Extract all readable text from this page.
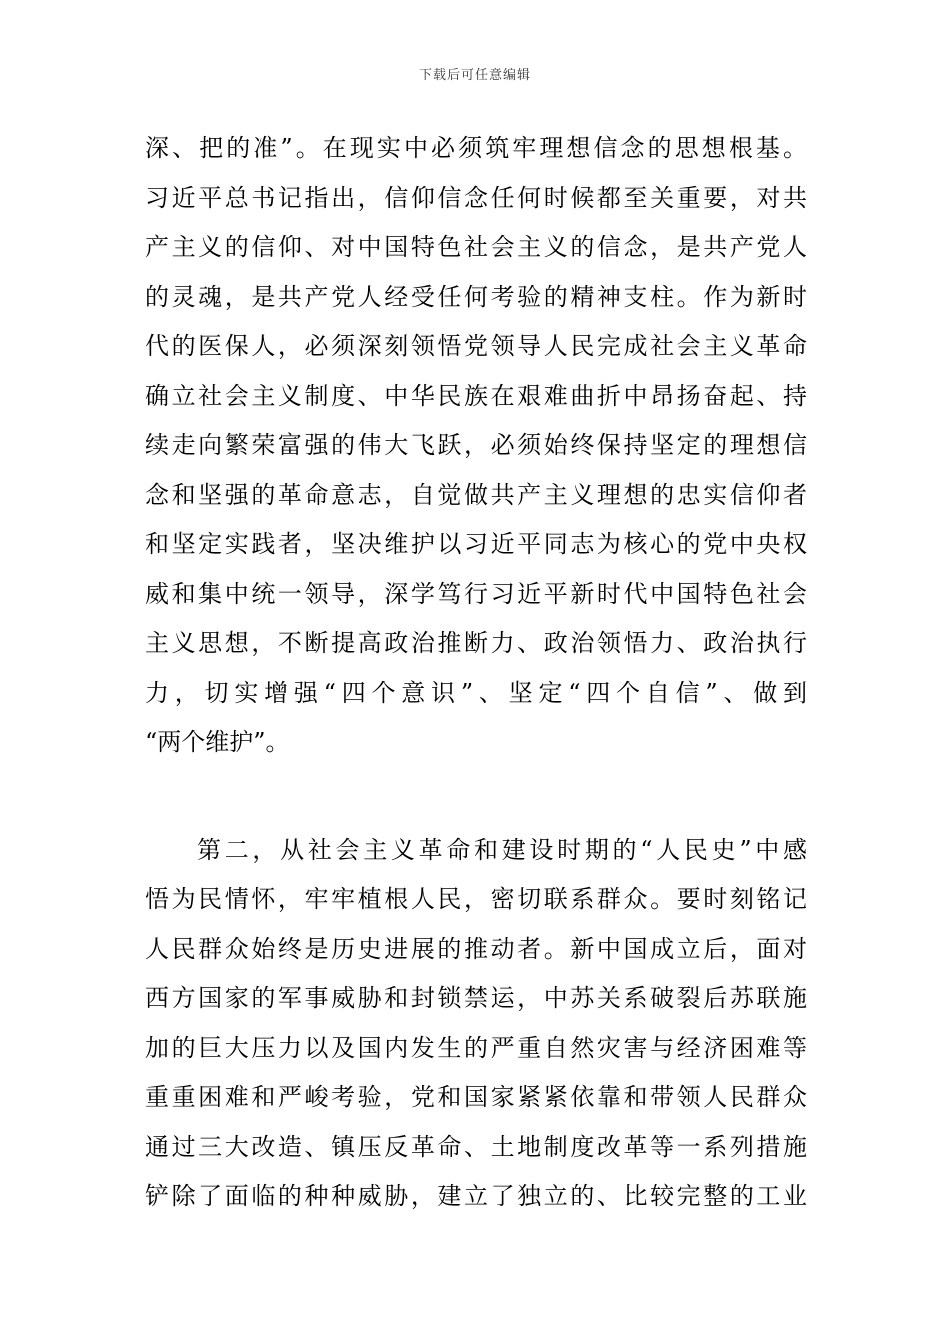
下载后可任意编辑
深、把的准”。在现实中必须筑牢理想信念的思想根基。
习近平总书记指出，信仰信念任何时候都至关重要，对共
产主义的信仰、对中国特色社会主义的信念，是共产党人
的灵魂，是共产党人经受任何考验的精神支柱。作为新时
代的医保人，必须深刻领悟党领导人民完成社会主义革命
确立社会主义制度、中华民族在艰难曲折中昂扬奋起、持
续走向繁荣富强的伟大飞跃，必须始终保持坚定的理想信
念和坚强的革命意志，自觉做共产主义理想的忠实信仰者
和坚定实践者，坚决维护以习近平同志为核心的党中央权
威和集中统一领导，深学笃行习近平新时代中国特色社会
主义思想，不断提高政治推断力、政治领悟力、政治执行
力，切实增强“四个意识”、坚定“四个自信”、做到
“两个维护”。
第二，从社会主义革命和建设时期的“人民史”中感
悟为民情怀，牢牢植根人民，密切联系群众。要时刻铭记
人民群众始终是历史进展的推动者。新中国成立后，面对
西方国家的军事威胁和封锁禁运，中苏关系破裂后苏联施
加的巨大压力以及国内发生的严重自然灾害与经济困难等
重重困难和严峻考验，党和国家紧紧依靠和带领人民群众
通过三大改造、镇压反革命、土地制度改革等一系列措施
铲除了面临的种种威胁，建立了独立的、比较完整的工业
